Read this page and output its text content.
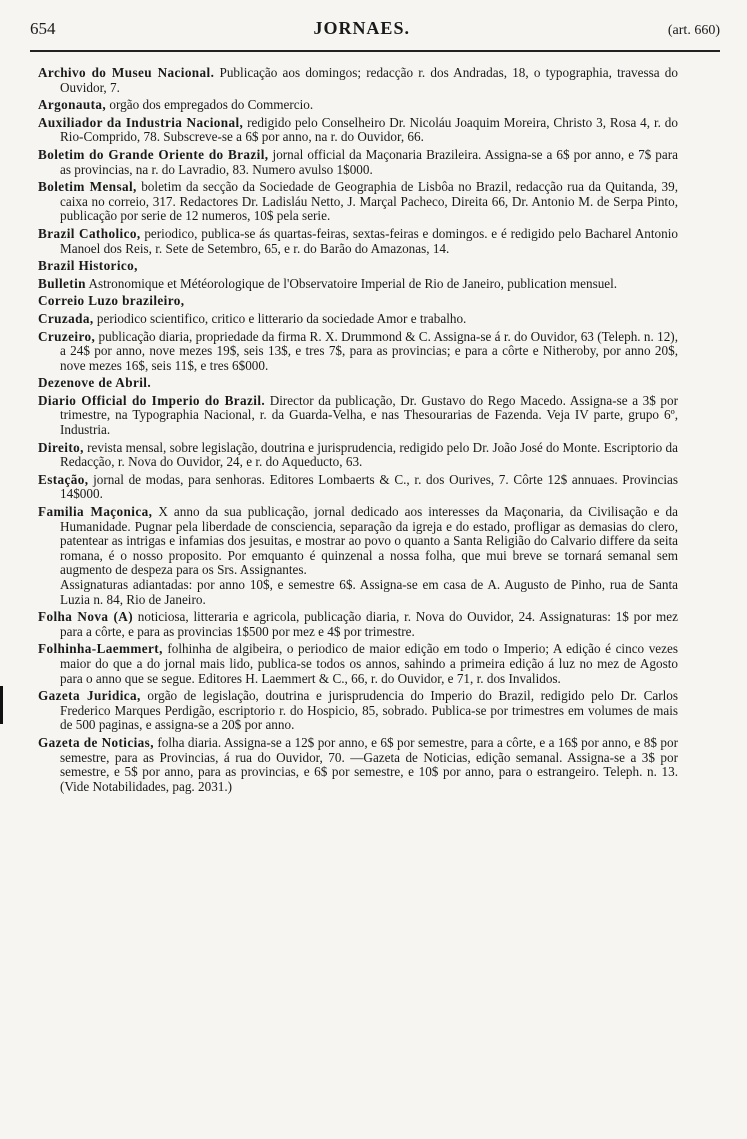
654	JORNAES.	(art. 660)

Archivo do Museu Nacional. Publicação aos domingos; redacção r. dos Andradas, 18, o typographia, travessa do Ouvidor, 7.

Argonauta, orgão dos empregados do Commercio.

Auxiliador da Industria Nacional, redigido pelo Conselheiro Dr. Nicoláu Joaquim Moreira, Christo 3, Rosa 4, r. do Rio-Comprido, 78. Subscreve-se a 6$ por anno, na r. do Ouvidor, 66.

Boletim do Grande Oriente do Brazil, jornal official da Maçonaria Brazileira. Assigna-se a 6$ por anno, e 7$ para as provincias, na r. do Lavradio, 83. Numero avulso 1$000.

Boletim Mensal, boletim da secção da Sociedade de Geographia de Lisbôa no Brazil, redacção rua da Quitanda, 39, caixa no correio, 317. Redactores Dr. Ladisláu Netto, J. Marçal Pacheco, Direita 66, Dr. Antonio M. de Serpa Pinto, publicação por serie de 12 numeros, 10$ pela serie.

Brazil Catholico, periodico, publica-se ás quartas-feiras, sextas-feiras e domingos. e é redigido pelo Bacharel Antonio Manoel dos Reis, r. Sete de Setembro, 65, e r. do Barão do Amazonas, 14.

Brazil Historico,

Bulletin Astronomique et Météorologique de l'Observatoire Imperial de Rio de Janeiro, publication mensuel.

Correio Luzo brazileiro,

Cruzada, periodico scientifico, critico e litterario da sociedade Amor e trabalho.

Cruzeiro, publicação diaria, propriedade da firma R. X. Drummond & C. Assigna-se á r. do Ouvidor, 63 (Teleph. n. 12), a 24$ por anno, nove mezes 19$, seis 13$, e tres 7$, para as provincias; e para a côrte e Nitheroby, por anno 20$, nove mezes 16$, seis 11$, e tres 6$000.

Dezenove de Abril.

Diario Official do Imperio do Brazil. Director da publicação, Dr. Gustavo do Rego Macedo. Assigna-se a 3$ por trimestre, na Typographia Nacional, r. da Guarda-Velha, e nas Thesourarias de Fazenda. Veja IV parte, grupo 6º, Industria.

Direito, revista mensal, sobre legislação, doutrina e jurisprudencia, redigido pelo Dr. João José do Monte. Escriptorio da Redacção, r. Nova do Ouvidor, 24, e r. do Aqueducto, 63.

Estação, jornal de modas, para senhoras. Editores Lombaerts & C., r. dos Ourives, 7. Côrte 12$ annuaes. Provincias 14$000.

Familia Maçonica, X anno da sua publicação, jornal dedicado aos interesses da Maçonaria, da Civilisação e da Humanidade. Pugnar pela liberdade de consciencia, separação da igreja e do estado, profligar as demasias do clero, patentear as intrigas e infamias dos jesuitas, e mostrar ao povo o quanto a Santa Religião do Calvario differe da seita romana, é o nosso proposito. Por emquanto é quinzenal a nossa folha, que mui breve se tornará semanal sem augmento de despeza para os Srs. Assignantes.
Assignaturas adiantadas: por anno 10$, e semestre 6$. Assigna-se em casa de A. Augusto de Pinho, rua de Santa Luzia n. 84, Rio de Janeiro.

Folha Nova (A) noticiosa, litteraria e agricola, publicação diaria, r. Nova do Ouvidor, 24. Assignaturas: 1$ por mez para a côrte, e para as provincias 1$500 por mez e 4$ por trimestre.

Folhinha-Laemmert, folhinha de algibeira, o periodico de maior edição em todo o Imperio; A edição é cinco vezes maior do que a do jornal mais lido, publica-se todos os annos, sahindo a primeira edição á luz no mez de Agosto para o anno que se segue. Editores H. Laemmert & C., 66, r. do Ouvidor, e 71, r. dos Invalidos.

Gazeta Juridica, orgão de legislação, doutrina e jurisprudencia do Imperio do Brazil, redigido pelo Dr. Carlos Frederico Marques Perdigão, escriptorio r. do Hospicio, 85, sobrado. Publica-se por trimestres em volumes de mais de 500 paginas, e assigna-se a 20$ por anno.

Gazeta de Noticias, folha diaria. Assigna-se a 12$ por anno, e 6$ por semestre, para a côrte, e a 16$ por anno, e 8$ por semestre, para as Provincias, á rua do Ouvidor, 70. —Gazeta de Noticias, edição semanal. Assigna-se a 3$ por semestre, e 5$ por anno, para as provincias, e 6$ por semestre, e 10$ por anno, para o estrangeiro. Teleph. n. 13. (Vide Notabilidades, pag. 2031.)
